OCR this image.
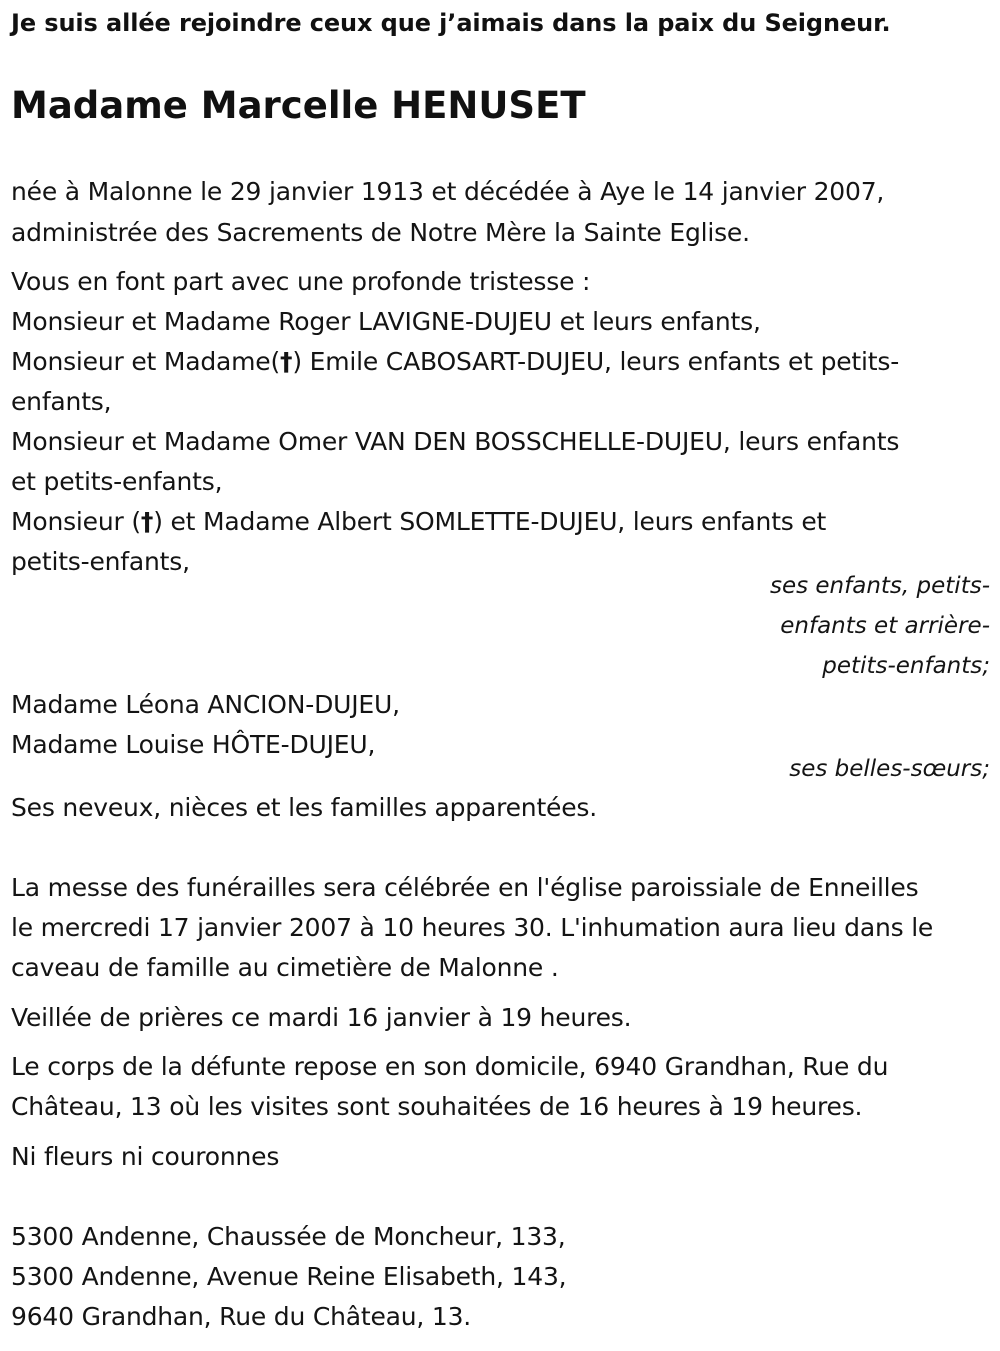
Je suis allée rejoindre ceux que j’aimais dans la paix du Seigneur.
Madame Marcelle HENUSET
née à Malonne le 29 janvier 1913 et décédée à Aye le 14 janvier 2007,
administrée des Sacrements de Notre Mère la Sainte Eglise.
Vous en font part avec une profonde tristesse :
Monsieur et Madame Roger LAVIGNE-DUJEU et leurs enfants,
Monsieur et Madame(†) Emile CABOSART-DUJEU, leurs enfants et petits-
enfants,
Monsieur et Madame Omer VAN DEN BOSSCHELLE-DUJEU, leurs enfants
et petits-enfants,
Monsieur (†) et Madame Albert SOMLETTE-DUJEU, leurs enfants et
petits-enfants,
ses enfants, petits-
enfants et arrière-
petits-enfants;
Madame Léona ANCION-DUJEU,
Madame Louise HÔTE-DUJEU,
ses belles-sœurs;
Ses neveux, nièces et les familles apparentées.
La messe des funérailles sera célébrée en l'église paroissiale de Enneilles
le mercredi 17 janvier 2007 à 10 heures 30. L'inhumation aura lieu dans le
caveau de famille au cimetière de Malonne .
Veillée de prières ce mardi 16 janvier à 19 heures.
Le corps de la défunte repose en son domicile, 6940 Grandhan, Rue du
Château, 13 où les visites sont souhaitées de 16 heures à 19 heures.
Ni fleurs ni couronnes
5300 Andenne, Chaussée de Moncheur, 133,
5300 Andenne, Avenue Reine Elisabeth, 143,
9640 Grandhan, Rue du Château, 13.
